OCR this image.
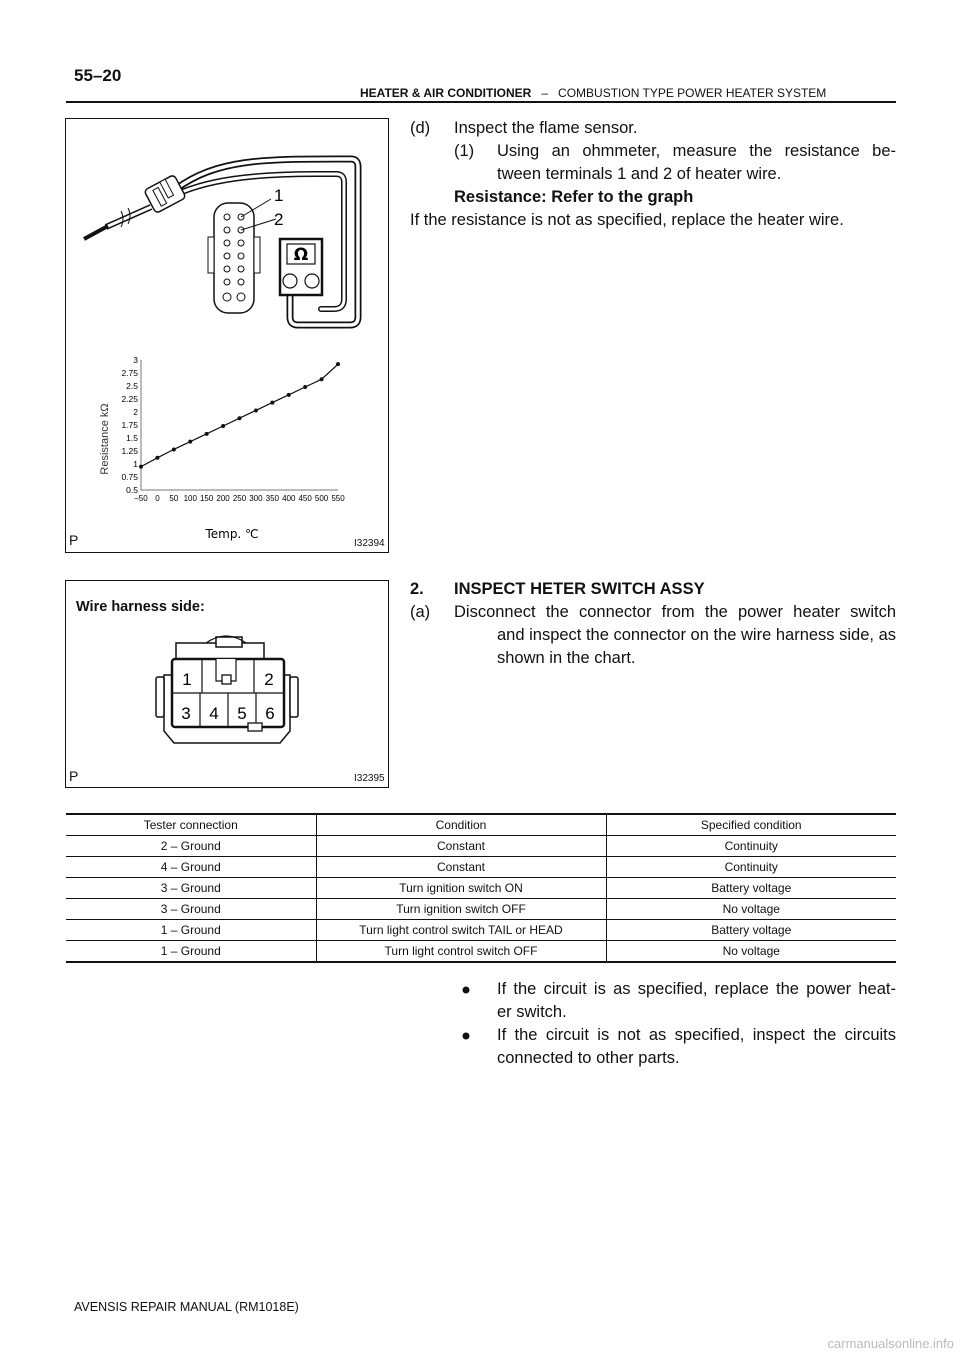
55–20
HEATER & AIR CONDITIONER – COMBUSTION TYPE POWER HEATER SYSTEM
1
2
Ω
0.5
0.75
1
1.25
1.5
1.75
2
2.25
2.5
2.75
3
–50 0 50 100 150 200 250 300 350 400 450 500 550
Resistance kΩ
Temp. ℃
P	I32394
(d) Inspect the flame sensor.
(1) Using an ohmmeter, measure the resistance be-
tween terminals 1 and 2 of heater wire.
Resistance: Refer to the graph
If the resistance is not as specified, replace the heater wire.
Wire harness side:
1	2
3 4 5 6
P	I32395
2. INSPECT HETER SWITCH ASSY
(a) Disconnect the connector from the power heater switch
and inspect the connector on the wire harness side, as
shown in the chart.
Tester connection	Condition	Specified condition
2 – Ground	Constant	Continuity
4 – Ground	Constant	Continuity
3 – Ground	Turn ignition switch ON	Battery voltage
3 – Ground	Turn ignition switch OFF	No voltage
1 – Ground	Turn light control switch TAIL or HEAD	Battery voltage
1 – Ground	Turn light control switch OFF	No voltage
If the circuit is as specified, replace the power heat-
er switch.
If the circuit is not as specified, inspect the circuits
connected to other parts.
AVENSIS REPAIR MANUAL (RM1018E)
carmanualsonline.info
